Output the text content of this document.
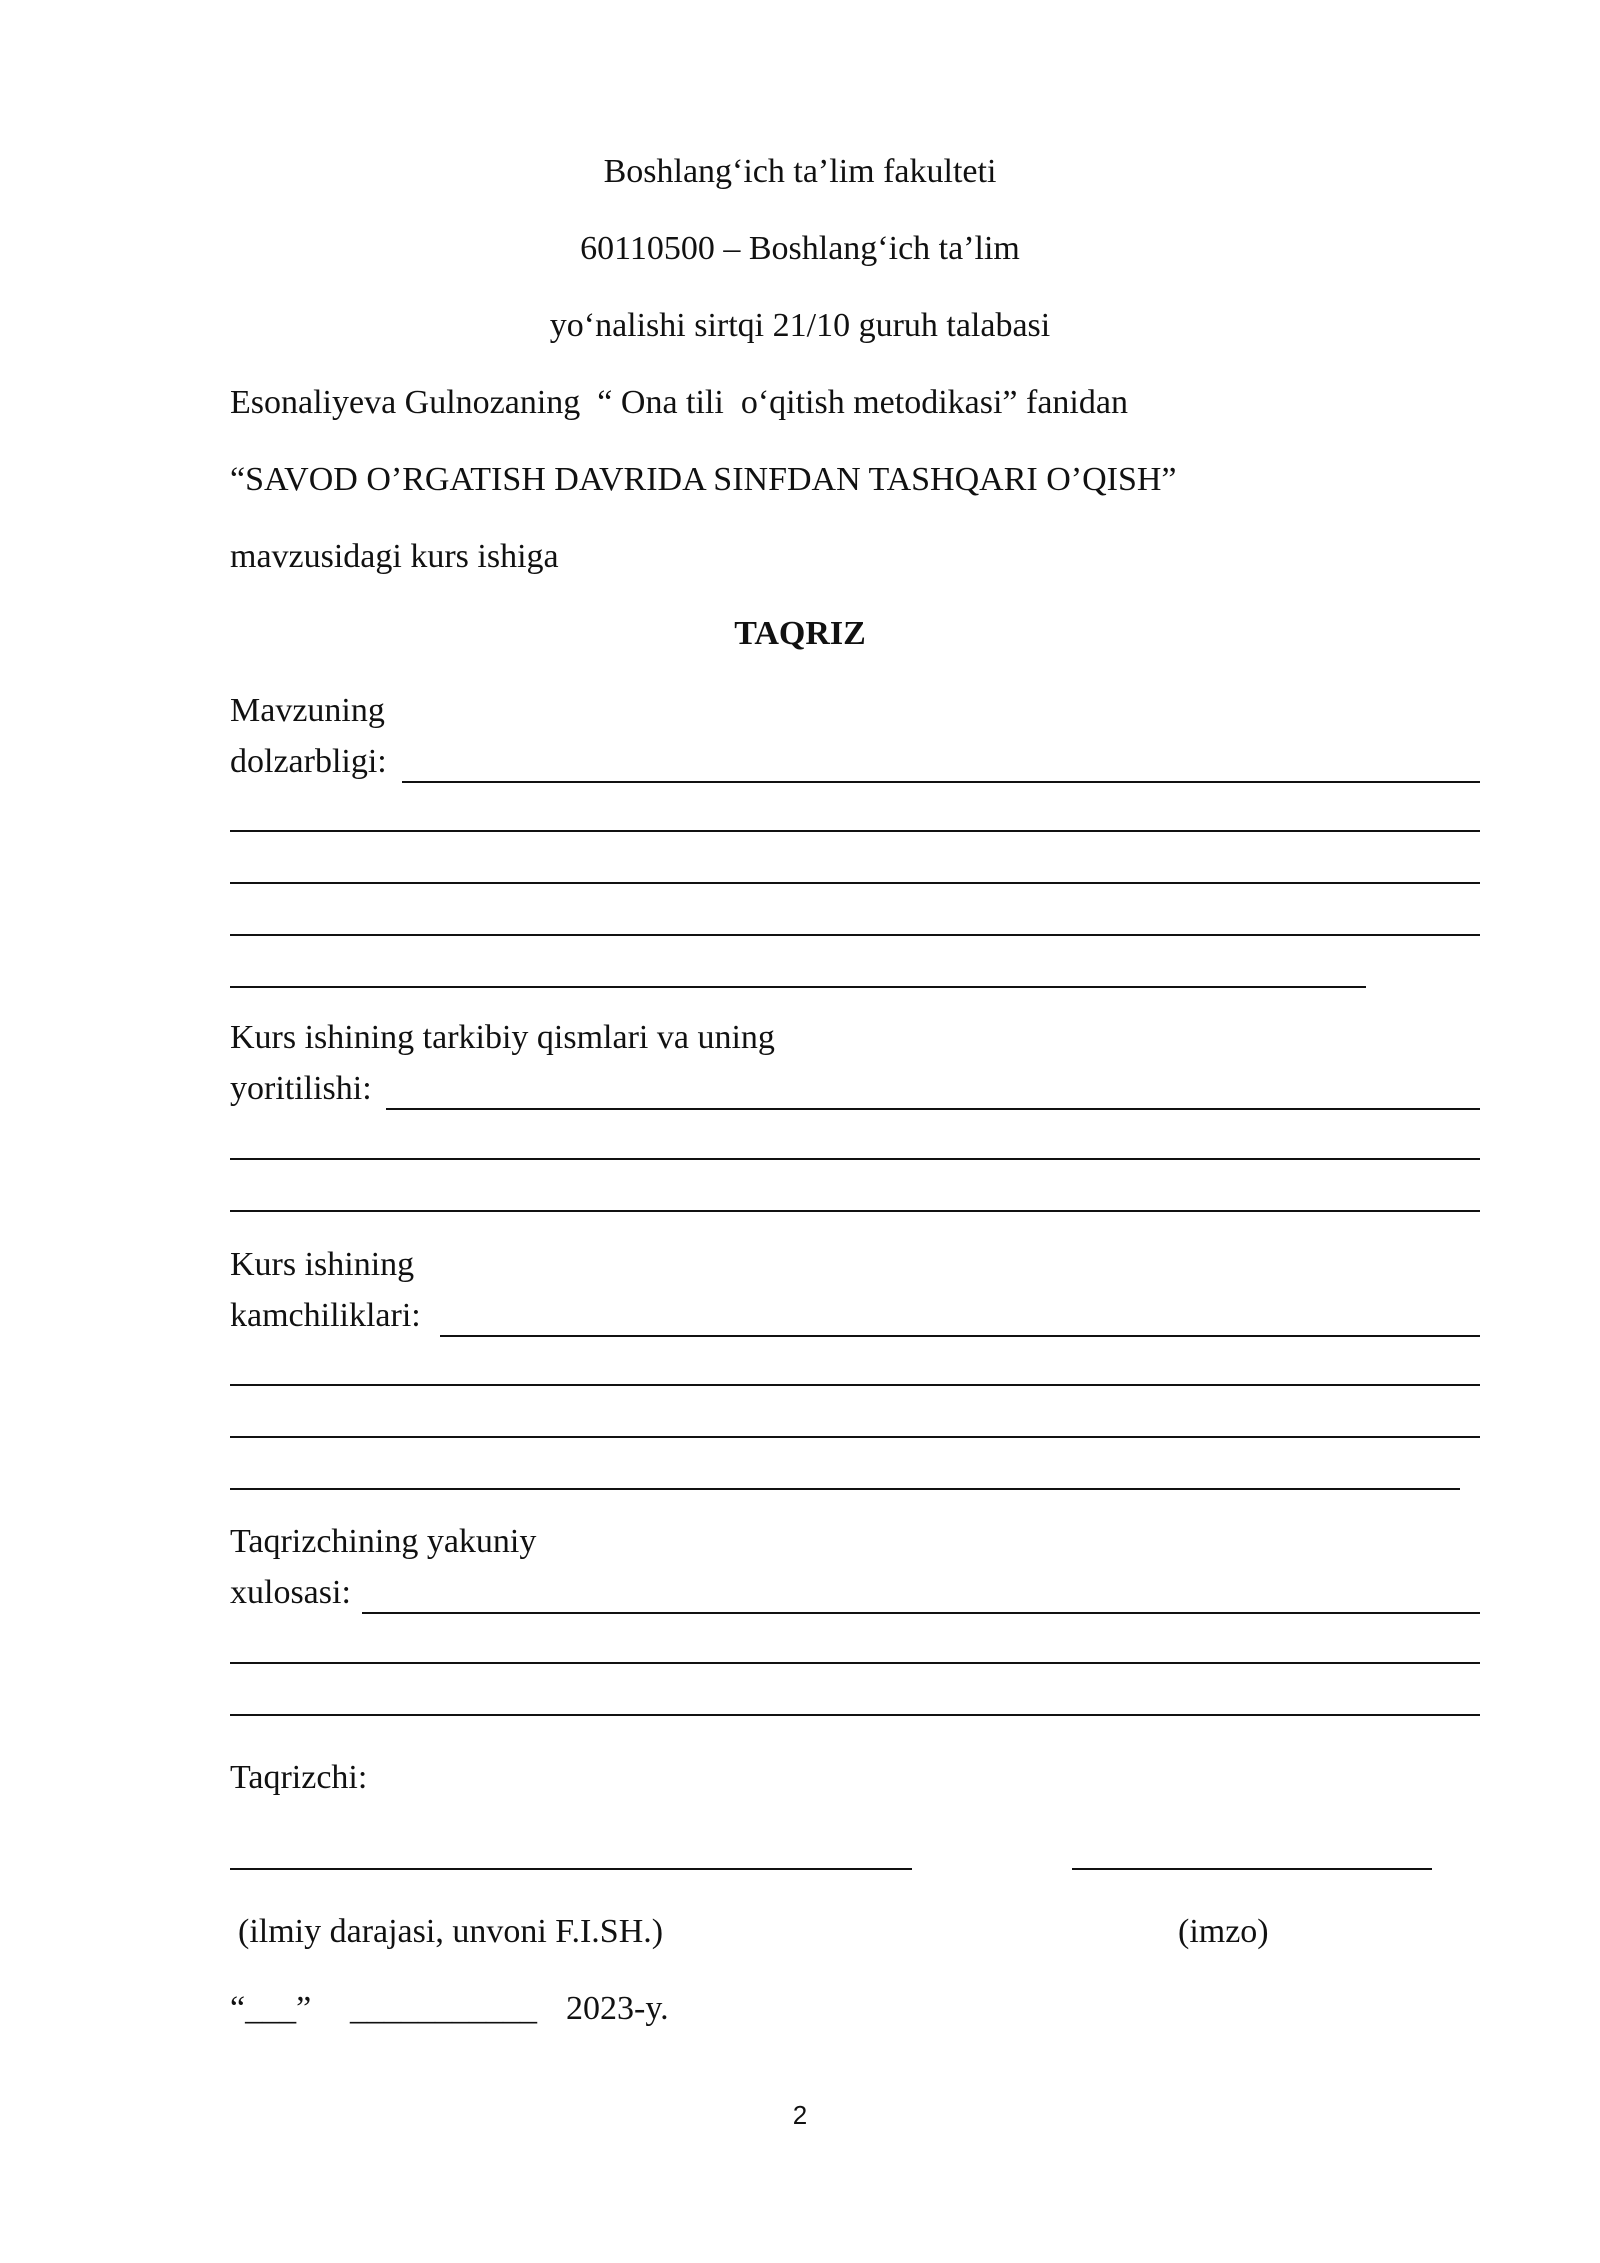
Boshlang‘ich ta’lim fakulteti
60110500 – Boshlang‘ich ta’lim
yo‘nalishi sirtqi 21/10 guruh talabasi
Esonaliyeva Gulnozaning  “ Ona tili  o‘qitish metodikasi” fanidan
“SAVOD O’RGATISH DAVRIDA SINFDAN TASHQARI O’QISH”
mavzusidagi kurs ishiga
TAQRIZ
Mavzuning
dolzarbligi:
Kurs ishining tarkibiy qismlari va uning
yoritilishi:
Kurs ishining
kamchiliklari:
Taqrizchining yakuniy
xulosasi:
Taqrizchi:
(ilmiy darajasi, unvoni F.I.SH.)	(imzo)
“___” ___________ 2023-y.
2
